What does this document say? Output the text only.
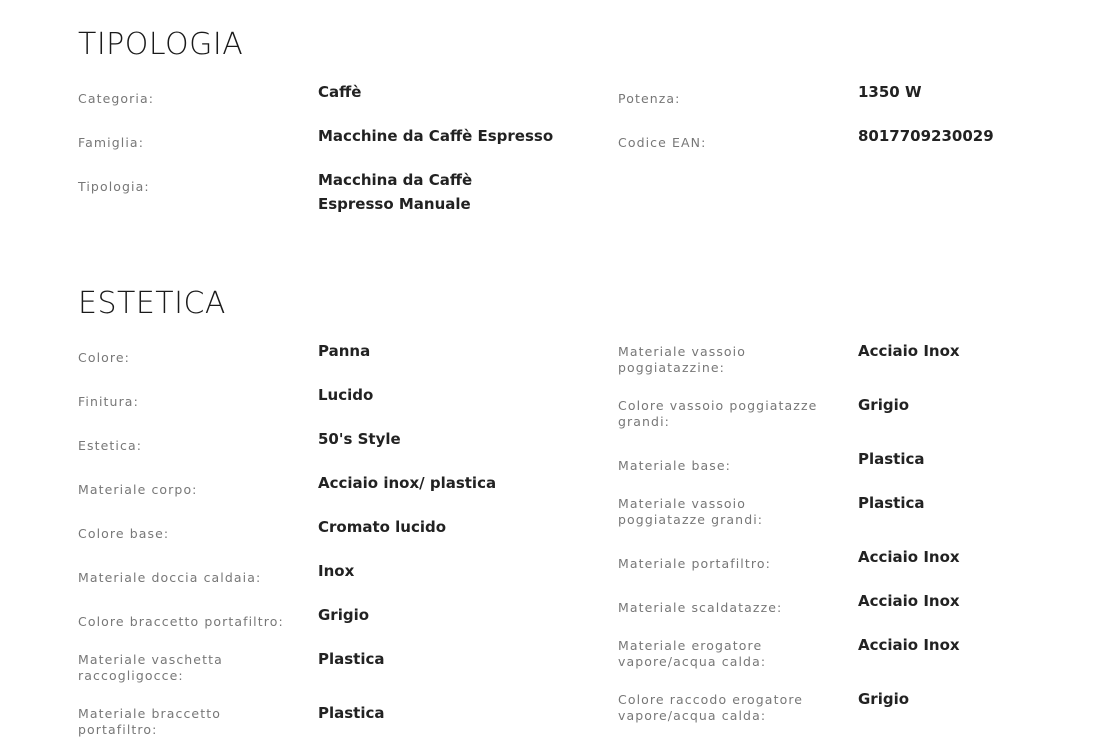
TIPOLOGIA
Categoria:	Caffè
Famiglia:	Macchine da Caffè Espresso
Tipologia:	Macchina da Caffè Espresso Manuale
Potenza:	1350 W
Codice EAN:	8017709230029
ESTETICA
Colore:	Panna
Finitura:	Lucido
Estetica:	50's Style
Materiale corpo:	Acciaio inox/ plastica
Colore base:	Cromato lucido
Materiale doccia caldaia:	Inox
Colore braccetto portafiltro:	Grigio
Materiale vaschetta raccogligocce:
Plastica
Materiale braccetto portafiltro:
Plastica
Materiale vassoio poggiatazzine:
Acciaio Inox
Colore vassoio poggiatazze grandi:
Grigio
Materiale base:	Plastica
Materiale vassoio poggiatazze grandi:
Plastica
Materiale portafiltro:	Acciaio Inox
Materiale scaldatazze:	Acciaio Inox
Materiale erogatore vapore/acqua calda:
Acciaio Inox
Colore raccodo erogatore vapore/acqua calda:
Grigio
